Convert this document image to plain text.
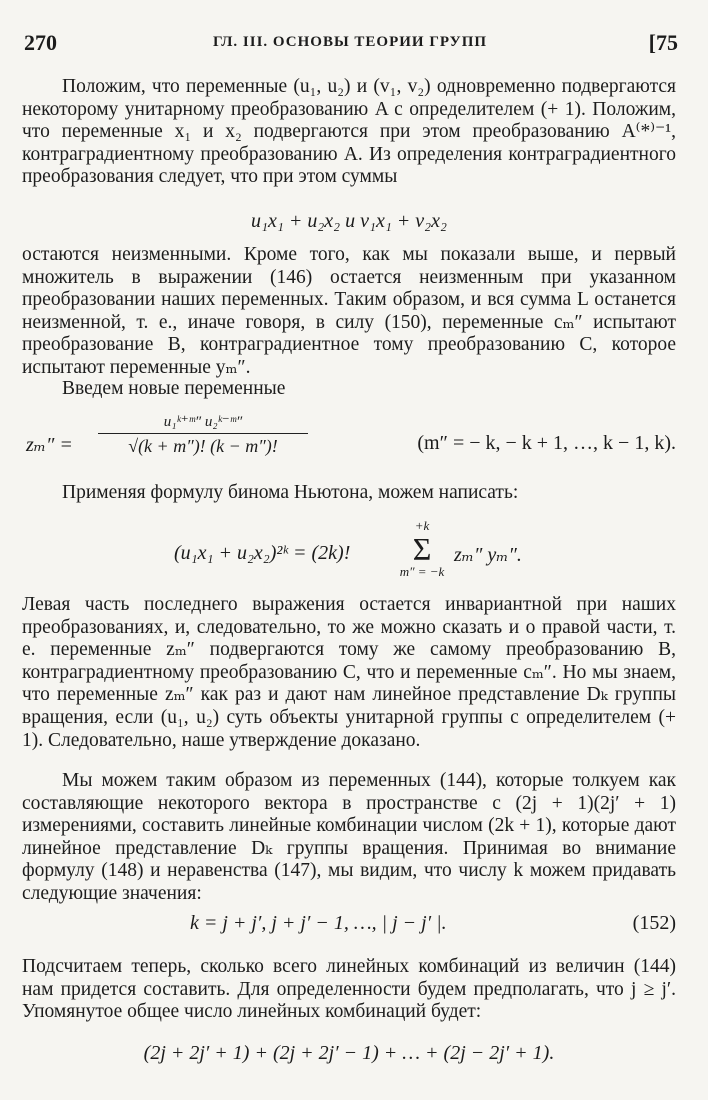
270	ГЛ. III. ОСНОВЫ ТЕОРИИ ГРУПП	[75

Положим, что переменные (u₁, u₂) и (v₁, v₂) одновременно подвергаются некоторому унитарному преобразованию A с определителем (+ 1). Положим, что переменные x₁ и x₂ подвергаются при этом преобразованию A⁽*⁾⁻¹, контраградиентному преобразованию A. Из определения контраградиентного преобразования следует, что при этом суммы

u₁x₁ + u₂x₂ и v₁x₁ + v₂x₂

остаются неизменными. Кроме того, как мы показали выше, и первый множитель в выражении (146) остается неизменным при указанном преобразовании наших переменных. Таким образом, и вся сумма L останется неизменной, т. е., иначе говоря, в силу (150), переменные cₘ″ испытают преобразование B, контраградиентное тому преобразованию C, которое испытают переменные yₘ″.

Введем новые переменные

zₘ″ =
u₁ᵏ⁺ᵐ″ u₂ᵏ⁻ᵐ″
√(k + m″)! (k − m″)!	(m″ = − k, − k + 1, …, k − 1, k).

Применяя формулу бинома Ньютона, можем написать:

(u₁x₁ + u₂x₂)²ᵏ = (2k)!
+k
Σ
m″ = −k
zₘ″ yₘ″.

Левая часть последнего выражения остается инвариантной при наших преобразованиях, и, следовательно, то же можно сказать и о правой части, т. е. переменные zₘ″ подвергаются тому же самому преобразованию B, контраградиентному преобразованию C, что и переменные cₘ″. Но мы знаем, что переменные zₘ″ как раз и дают нам линейное представление Dₖ группы вращения, если (u₁, u₂) суть объекты унитарной группы с определителем (+ 1). Следовательно, наше утверждение доказано.

Мы можем таким образом из переменных (144), которые толкуем как составляющие некоторого вектора в пространстве с (2j + 1)(2j′ + 1) измерениями, составить линейные комбинации числом (2k + 1), которые дают линейное представление Dₖ группы вращения. Принимая во внимание формулу (148) и неравенства (147), мы видим, что числу k можем придавать следующие значения:

k = j + j′, j + j′ − 1, …, | j − j′ |.	(152)

Подсчитаем теперь, сколько всего линейных комбинаций из величин (144) нам придется составить. Для определенности будем предполагать, что j ≥ j′. Упомянутое общее число линейных комбинаций будет:

(2j + 2j′ + 1) + (2j + 2j′ − 1) + … + (2j − 2j′ + 1).
